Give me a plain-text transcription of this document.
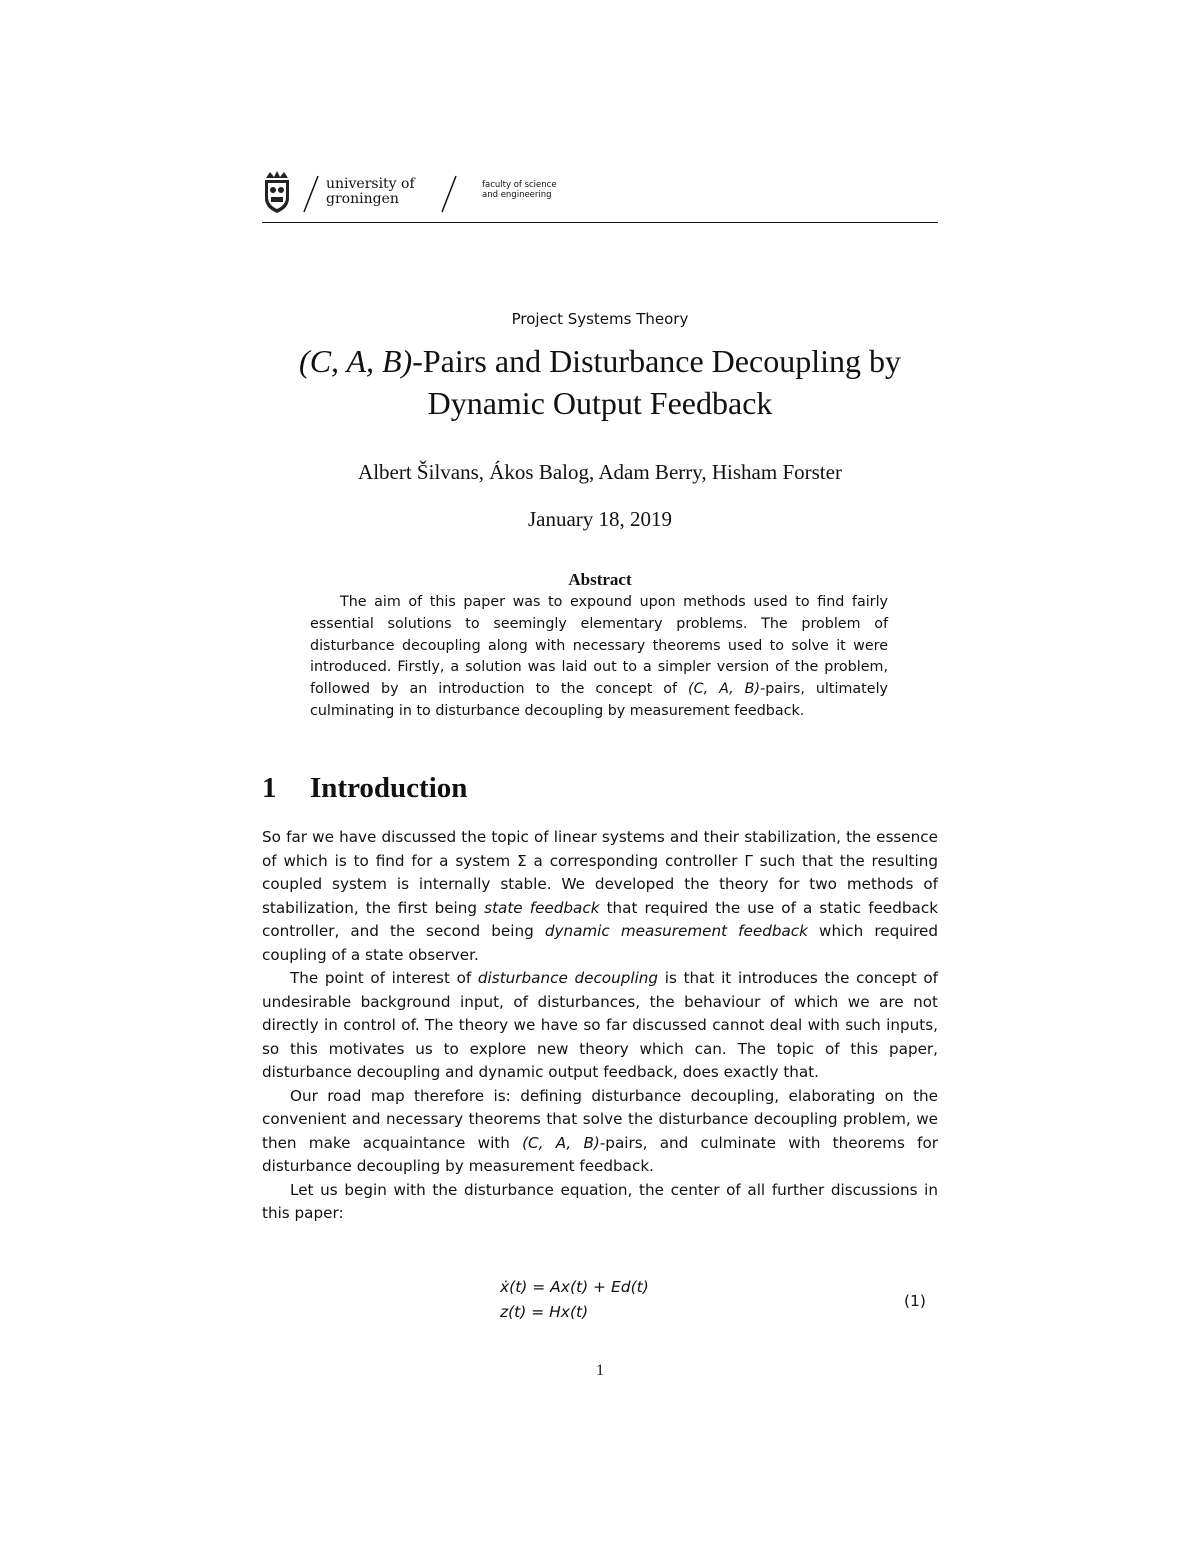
university of
groningen
faculty of science
and engineering
Project Systems Theory
(C, A, B)-Pairs and Disturbance Decoupling by
Dynamic Output Feedback
Albert Šilvans, Ákos Balog, Adam Berry, Hisham Forster
January 18, 2019
Abstract
The aim of this paper was to expound upon methods used to find fairly essential solutions to seemingly elementary problems. The problem of disturbance decoupling along with necessary theorems used to solve it were introduced. Firstly, a solution was laid out to a simpler version of the problem, followed by an introduction to the concept of (C, A, B)-pairs, ultimately culminating in to disturbance decoupling by measurement feedback.
1 Introduction

So far we have discussed the topic of linear systems and their stabilization, the essence of which is to find for a system Σ a corresponding controller Γ such that the resulting coupled system is internally stable. We developed the theory for two methods of stabilization, the first being state feedback that required the use of a static feedback controller, and the second being dynamic measurement feedback which required coupling of a state observer.

The point of interest of disturbance decoupling is that it introduces the concept of undesirable background input, of disturbances, the behaviour of which we are not directly in control of. The theory we have so far discussed cannot deal with such inputs, so this motivates us to explore new theory which can. The topic of this paper, disturbance decoupling and dynamic output feedback, does exactly that.

Our road map therefore is: defining disturbance decoupling, elaborating on the convenient and necessary theorems that solve the disturbance decoupling problem, we then make acquaintance with (C, A, B)-pairs, and culminate with theorems for disturbance decoupling by measurement feedback.

Let us begin with the disturbance equation, the center of all further discussions in this paper:

ẋ(t) = Ax(t) + Ed(t)
z(t) = Hx(t)
(1)
1
